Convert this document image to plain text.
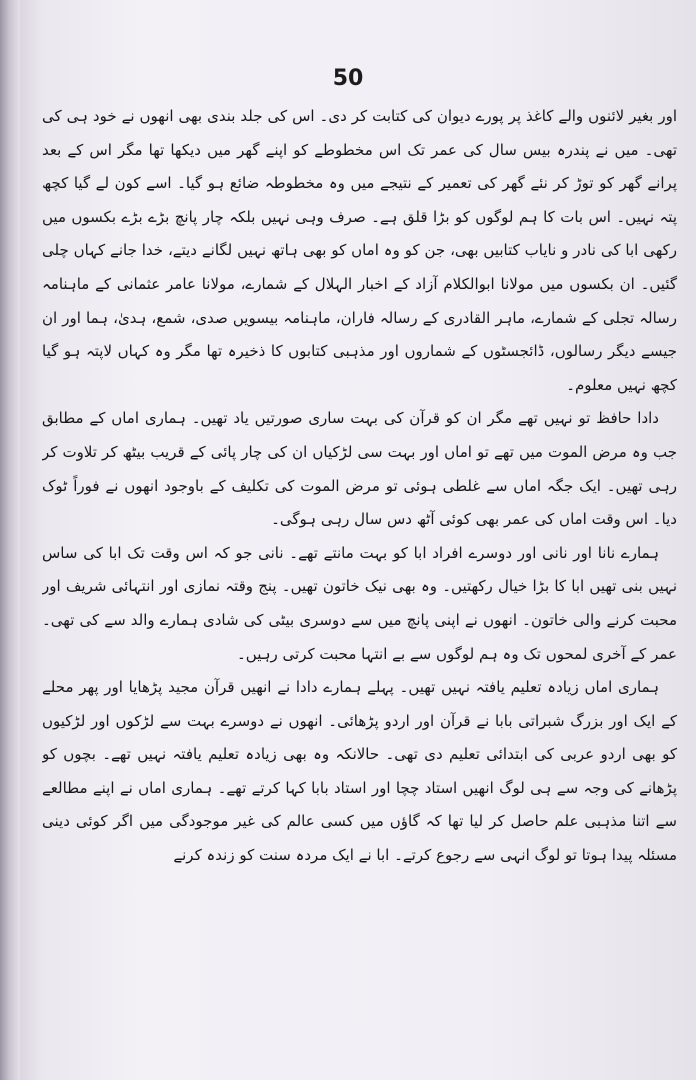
50

اور بغیر لائنوں والے کاغذ پر پورے دیوان کی کتابت کر دی۔ اس کی جلد بندی بھی انھوں نے خود ہی کی تھی۔ میں نے پندرہ بیس سال کی عمر تک اس مخطوطے کو اپنے گھر میں دیکھا تھا مگر اس کے بعد پرانے گھر کو توڑ کر نئے گھر کی تعمیر کے نتیجے میں وہ مخطوطہ ضائع ہو گیا۔ اسے کون لے گیا کچھ پتہ نہیں۔ اس بات کا ہم لوگوں کو بڑا قلق ہے۔ صرف وہی نہیں بلکہ چار پانچ بڑے بڑے بکسوں میں رکھی ابا کی نادر و نایاب کتابیں بھی، جن کو وہ اماں کو بھی ہاتھ نہیں لگانے دیتے، خدا جانے کہاں چلی گئیں۔ ان بکسوں میں مولانا ابوالکلام آزاد کے اخبار الہلال کے شمارے، مولانا عامر عثمانی کے ماہنامہ رسالہ تجلی کے شمارے، ماہر القادری کے رسالہ فاران، ماہنامہ بیسویں صدی، شمع، ہدیٰ، ہما اور ان جیسے دیگر رسالوں، ڈائجسٹوں کے شماروں اور مذہبی کتابوں کا ذخیرہ تھا مگر وہ کہاں لاپتہ ہو گیا کچھ نہیں معلوم۔

دادا حافظ تو نہیں تھے مگر ان کو قرآن کی بہت ساری صورتیں یاد تھیں۔ ہماری اماں کے مطابق جب وہ مرض الموت میں تھے تو اماں اور بہت سی لڑکیاں ان کی چار پائی کے قریب بیٹھ کر تلاوت کر رہی تھیں۔ ایک جگہ اماں سے غلطی ہوئی تو مرض الموت کی تکلیف کے باوجود انھوں نے فوراً ٹوک دیا۔ اس وقت اماں کی عمر بھی کوئی آٹھ دس سال رہی ہوگی۔

ہمارے نانا اور نانی اور دوسرے افراد ابا کو بہت مانتے تھے۔ نانی جو کہ اس وقت تک ابا کی ساس نہیں بنی تھیں ابا کا بڑا خیال رکھتیں۔ وہ بھی نیک خاتون تھیں۔ پنج وقتہ نمازی اور انتہائی شریف اور محبت کرنے والی خاتون۔ انھوں نے اپنی پانچ میں سے دوسری بیٹی کی شادی ہمارے والد سے کی تھی۔ عمر کے آخری لمحوں تک وہ ہم لوگوں سے بے انتہا محبت کرتی رہیں۔

ہماری اماں زیادہ تعلیم یافتہ نہیں تھیں۔ پہلے ہمارے دادا نے انھیں قرآن مجید پڑھایا اور پھر محلے کے ایک اور بزرگ شبراتی بابا نے قرآن اور اردو پڑھائی۔ انھوں نے دوسرے بہت سے لڑکوں اور لڑکیوں کو بھی اردو عربی کی ابتدائی تعلیم دی تھی۔ حالانکہ وہ بھی زیادہ تعلیم یافتہ نہیں تھے۔ بچوں کو پڑھانے کی وجہ سے ہی لوگ انھیں استاد چچا اور استاد بابا کہا کرتے تھے۔ ہماری اماں نے اپنے مطالعے سے اتنا مذہبی علم حاصل کر لیا تھا کہ گاؤں میں کسی عالم کی غیر موجودگی میں اگر کوئی دینی مسئلہ پیدا ہوتا تو لوگ انہی سے رجوع کرتے۔ ابا نے ایک مردہ سنت کو زندہ کرنے
